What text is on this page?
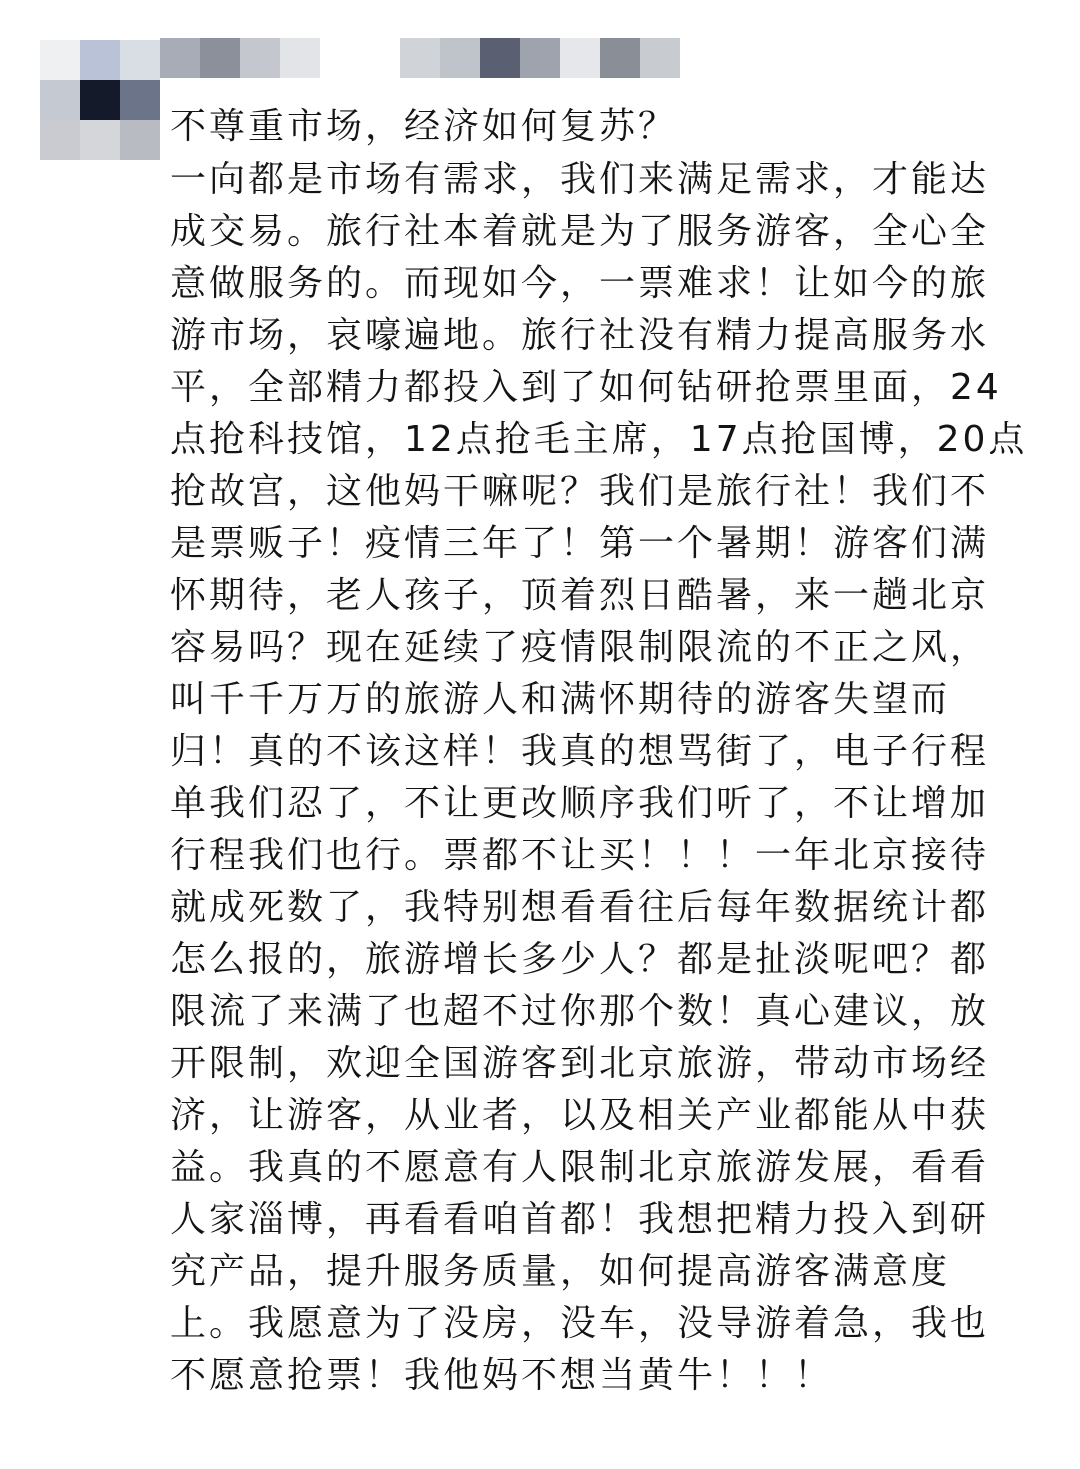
不尊重市场，经济如何复苏？

一向都是市场有需求，我们来满足需求，才能达
成交易。旅行社本着就是为了服务游客，全心全
意做服务的。而现如今，一票难求！让如今的旅
游市场，哀嚎遍地。旅行社没有精力提高服务水
平，全部精力都投入到了如何钻研抢票里面，24
点抢科技馆，12点抢毛主席，17点抢国博，20点
抢故宫，这他妈干嘛呢？我们是旅行社！我们不
是票贩子！疫情三年了！第一个暑期！游客们满
怀期待，老人孩子，顶着烈日酷暑，来一趟北京
容易吗？现在延续了疫情限制限流的不正之风，
叫千千万万的旅游人和满怀期待的游客失望而
归！真的不该这样！我真的想骂街了，电子行程
单我们忍了，不让更改顺序我们听了，不让增加
行程我们也行。票都不让买！！！一年北京接待
就成死数了，我特别想看看往后每年数据统计都
怎么报的，旅游增长多少人？都是扯淡呢吧？都
限流了来满了也超不过你那个数！真心建议，放
开限制，欢迎全国游客到北京旅游，带动市场经
济，让游客，从业者，以及相关产业都能从中获
益。我真的不愿意有人限制北京旅游发展，看看
人家淄博，再看看咱首都！我想把精力投入到研
究产品，提升服务质量，如何提高游客满意度
上。我愿意为了没房，没车，没导游着急，我也
不愿意抢票！我他妈不想当黄牛！！！
